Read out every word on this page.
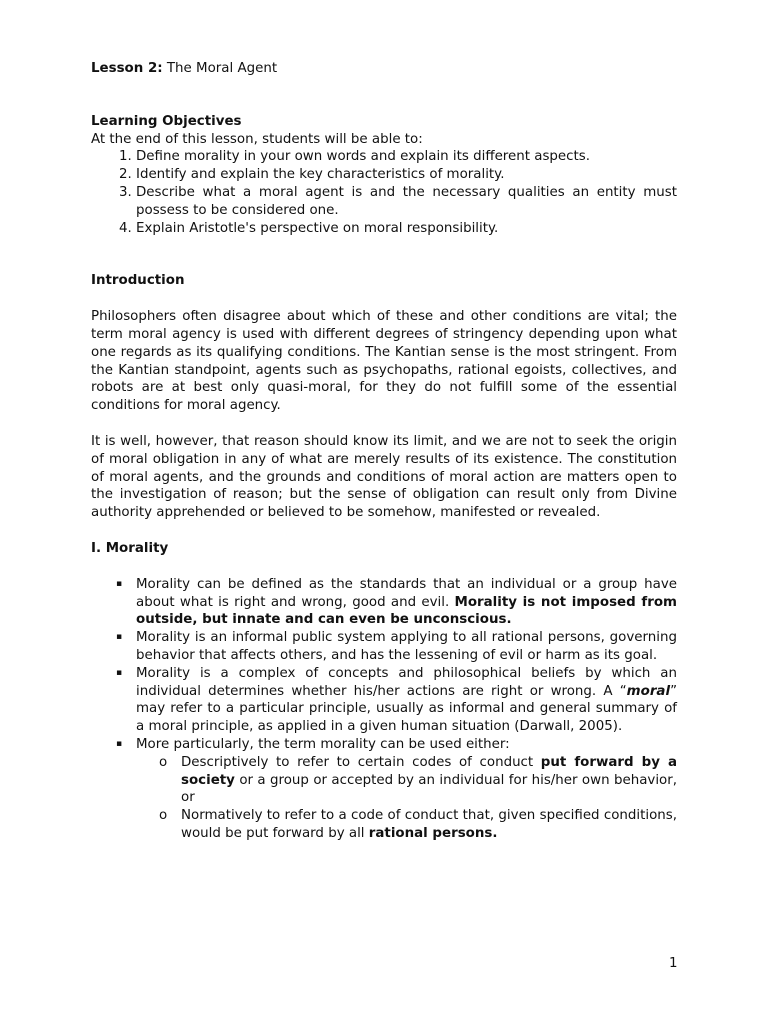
Lesson 2: The Moral Agent

Learning Objectives

At the end of this lesson, students will be able to:

1. Define morality in your own words and explain its different aspects.
2. Identify and explain the key characteristics of morality.
3. Describe what a moral agent is and the necessary qualities an entity must possess to be considered one.
4. Explain Aristotle's perspective on moral responsibility.

Introduction

Philosophers often disagree about which of these and other conditions are vital; the term moral agency is used with different degrees of stringency depending upon what one regards as its qualifying conditions. The Kantian sense is the most stringent. From the Kantian standpoint, agents such as psychopaths, rational egoists, collectives, and robots are at best only quasi-moral, for they do not fulfill some of the essential conditions for moral agency.

It is well, however, that reason should know its limit, and we are not to seek the origin of moral obligation in any of what are merely results of its existence. The constitution of moral agents, and the grounds and conditions of moral action are matters open to the investigation of reason; but the sense of obligation can result only from Divine authority apprehended or believed to be somehow, manifested or revealed.

I. Morality

▪ Morality can be defined as the standards that an individual or a group have about what is right and wrong, good and evil. Morality is not imposed from outside, but innate and can even be unconscious.
▪ Morality is an informal public system applying to all rational persons, governing behavior that affects others, and has the lessening of evil or harm as its goal.
▪ Morality is a complex of concepts and philosophical beliefs by which an individual determines whether his/her actions are right or wrong. A “moral” may refer to a particular principle, usually as informal and general summary of a moral principle, as applied in a given human situation (Darwall, 2005).
▪ More particularly, the term morality can be used either:
o Descriptively to refer to certain codes of conduct put forward by a society or a group or accepted by an individual for his/her own behavior, or
o Normatively to refer to a code of conduct that, given specified conditions, would be put forward by all rational persons.
1
